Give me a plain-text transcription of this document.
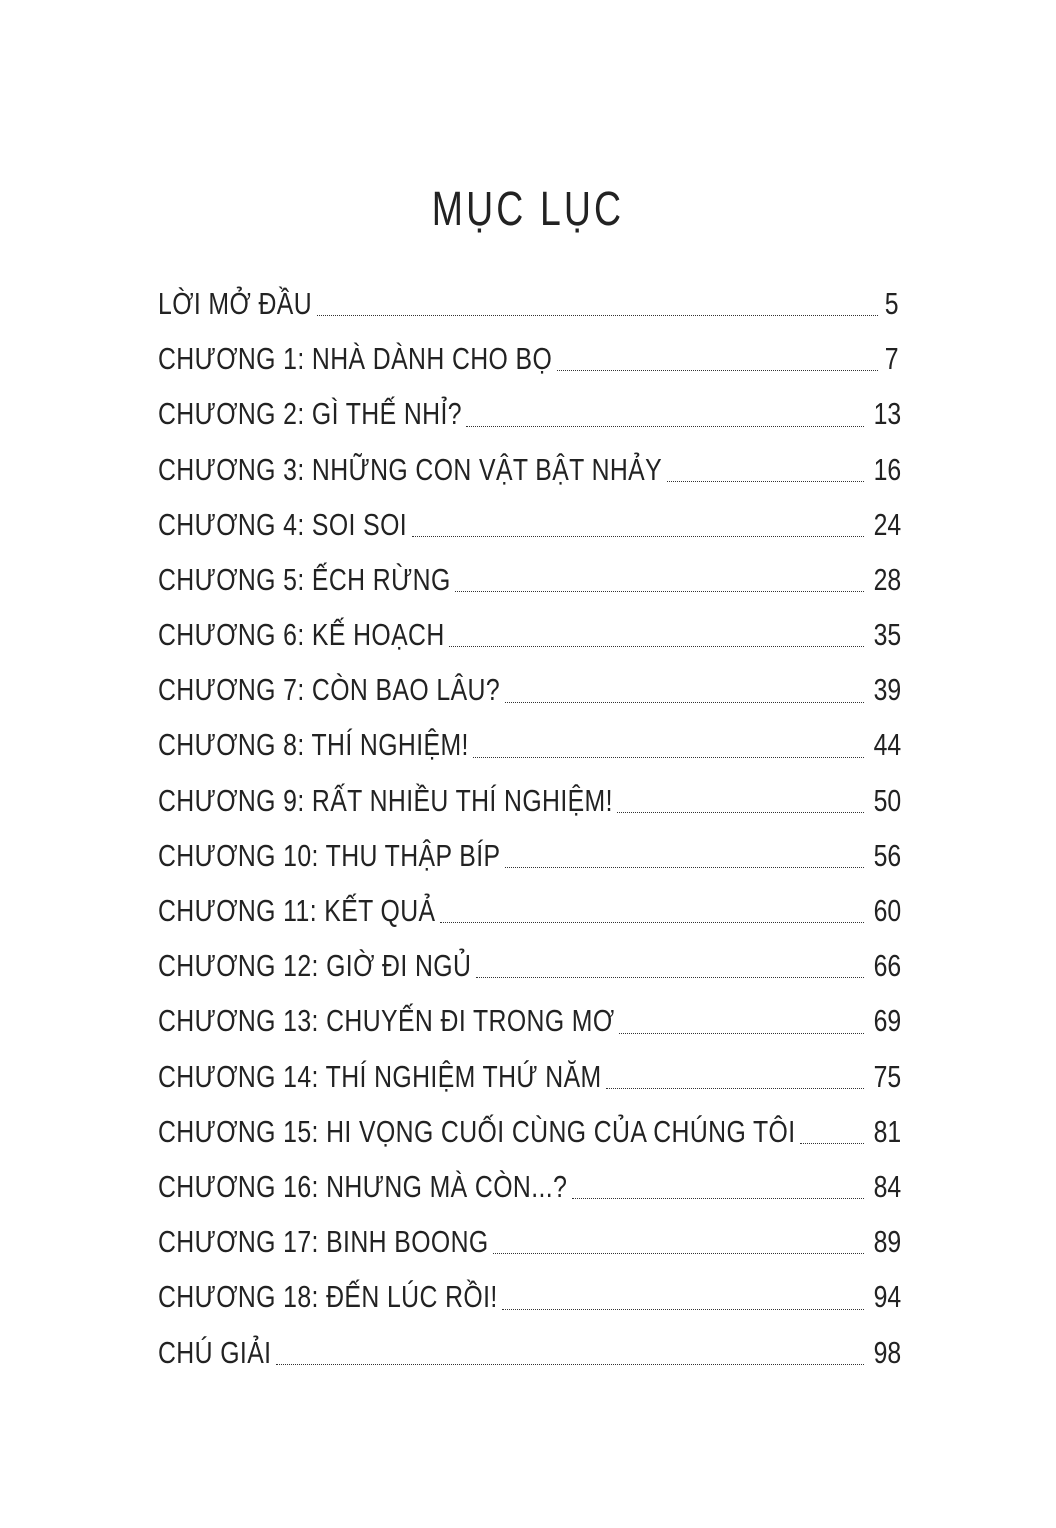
MỤC LỤC
LỜI MỞ ĐẦU	5
CHƯƠNG 1: NHÀ DÀNH CHO BỌ	7
CHƯƠNG 2: GÌ THẾ NHỈ?	13
CHƯƠNG 3: NHỮNG CON VẬT BẬT NHẢY	16
CHƯƠNG 4: SOI SOI	24
CHƯƠNG 5: ẾCH RỪNG	28
CHƯƠNG 6: KẾ HOẠCH	35
CHƯƠNG 7: CÒN BAO LÂU?	39
CHƯƠNG 8: THÍ NGHIỆM!	44
CHƯƠNG 9: RẤT NHIỀU THÍ NGHIỆM!	50
CHƯƠNG 10: THU THẬP BÍP	56
CHƯƠNG 11: KẾT QUẢ	60
CHƯƠNG 12: GIỜ ĐI NGỦ	66
CHƯƠNG 13: CHUYẾN ĐI TRONG MƠ	69
CHƯƠNG 14: THÍ NGHIỆM THỨ NĂM	75
CHƯƠNG 15: HI VỌNG CUỐI CÙNG CỦA CHÚNG TÔI	81
CHƯƠNG 16: NHƯNG MÀ CÒN...?	84
CHƯƠNG 17: BINH BOONG	89
CHƯƠNG 18: ĐẾN LÚC RỒI!	94
CHÚ GIẢI	98
